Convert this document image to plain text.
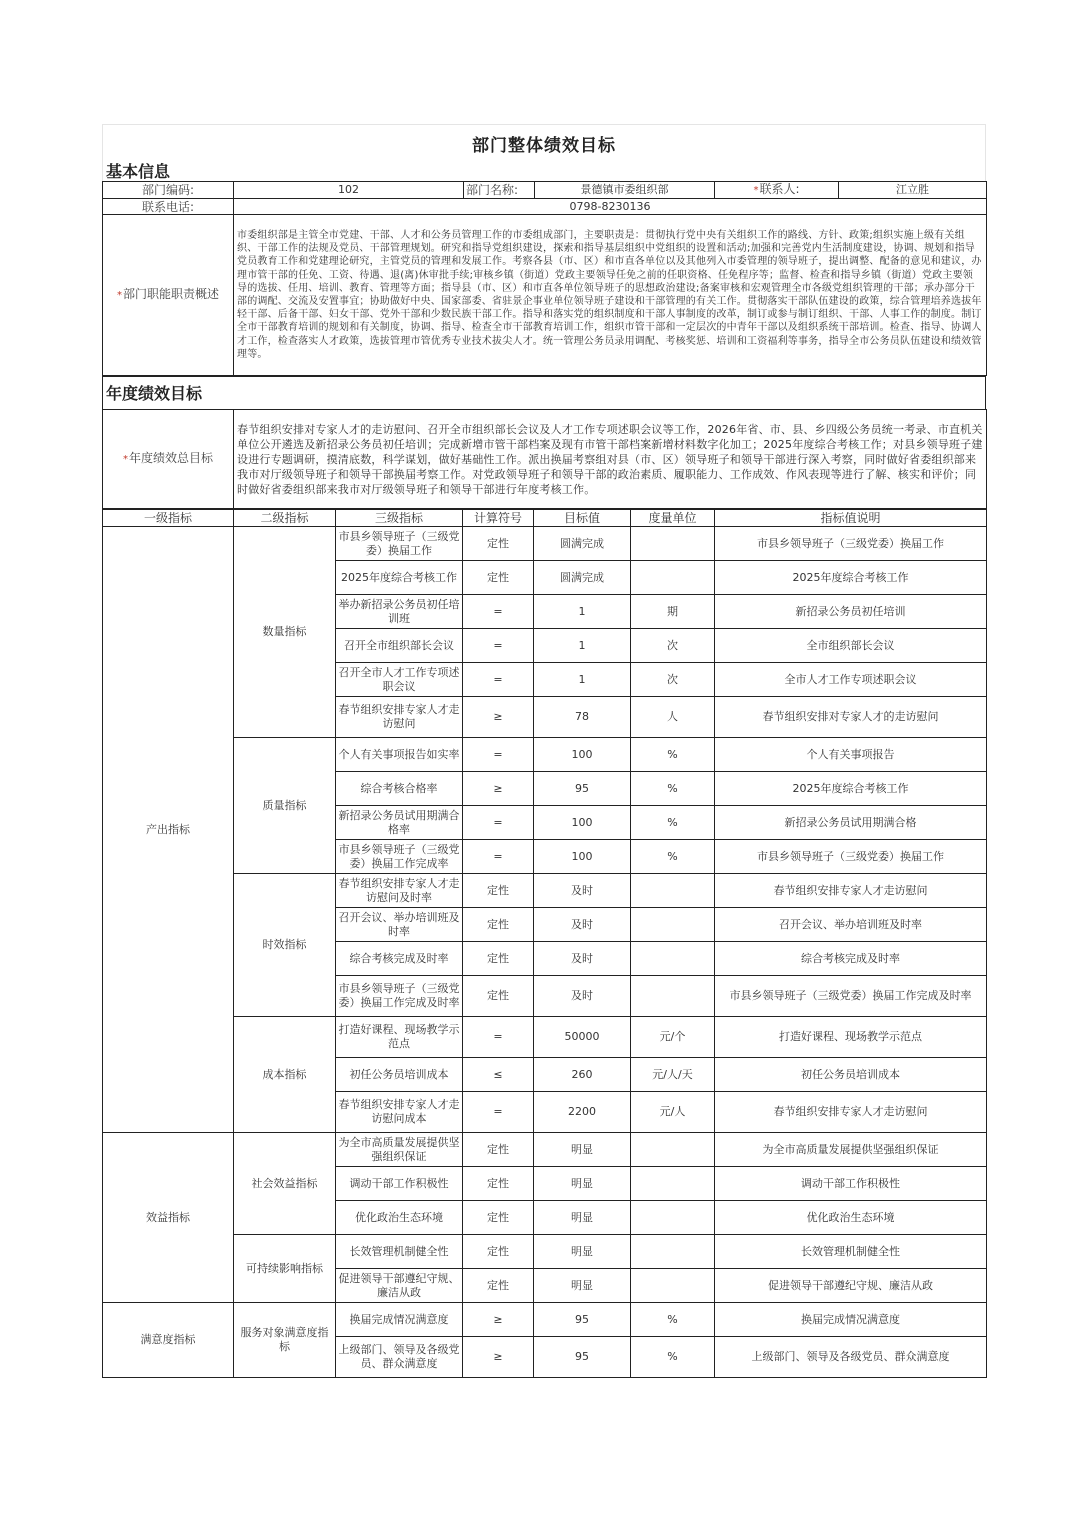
部门整体绩效目标
基本信息
部门编码:	102	部门名称:	景德镇市委组织部	*联系人:	江立胜
联系电话:	0798-8230136				
*部门职能职责概述	市委组织部是主管全市党建、干部、人才和公务员管理工作的市委组成部门，主要职责是：贯彻执行党中央有关组织工作的路线、方针、政策;组织实施上级有关组织、干部工作的法规及党员、干部管理规划。研究和指导党组织建设，探索和指导基层组织中党组织的设置和活动;加强和完善党内生活制度建设，协调、规划和指导党员教育工作和党建理论研究，主管党员的管理和发展工作。考察各县（市、区）和市直各单位以及其他列入市委管理的领导班子，提出调整、配备的意见和建议，办理市管干部的任免、工资、待遇、退(离)休审批手续;审核乡镇（街道）党政主要领导任免之前的任职资格、任免程序等；监督、检查和指导乡镇（街道）党政主要领导的选拔、任用、培训、教育、管理等方面；指导县（市、区）和市直各单位领导班子的思想政治建设;备案审核和宏观管理全市各级党组织管理的干部；承办部分干部的调配、交流及安置事宜；协助做好中央、国家部委、省驻景企事业单位领导班子建设和干部管理的有关工作。贯彻落实干部队伍建设的政策，综合管理培养选拔年轻干部、后备干部、妇女干部、党外干部和少数民族干部工作。指导和落实党的组织制度和干部人事制度的改革，制订或参与制订组织、干部、人事工作的制度。制订全市干部教育培训的规划和有关制度，协调、指导、检查全市干部教育培训工作，组织市管干部和一定层次的中青年干部以及组织系统干部培训。检查、指导、协调人才工作，检查落实人才政策，选拔管理市管优秀专业技术拔尖人才。统一管理公务员录用调配、考核奖惩、培训和工资福利等事务，指导全市公务员队伍建设和绩效管理等。				
年度绩效目标
*年度绩效总目标	春节组织安排对专家人才的走访慰问、召开全市组织部长会议及人才工作专项述职会议等工作，2026年省、市、县、乡四级公务员统一考录、市直机关单位公开遴选及新招录公务员初任培训；完成新增市管干部档案及现有市管干部档案新增材料数字化加工；2025年度综合考核工作；对县乡领导班子建设进行专题调研，摸清底数，科学谋划，做好基础性工作。派出换届考察组对县（市、区）领导班子和领导干部进行深入考察，同时做好省委组织部来我市对厅级领导班子和领导干部换届考察工作。对党政领导班子和领导干部的政治素质、履职能力、工作成效、作风表现等进行了解、核实和评价；同时做好省委组织部来我市对厅级领导班子和领导干部进行年度考核工作。
一级指标	二级指标	三级指标	计算符号	目标值	度量单位	指标值说明
产出指标	数量指标	市县乡领导班子（三级党委）换届工作	定性	圆满完成		市县乡领导班子（三级党委）换届工作
		2025年度综合考核工作	定性	圆满完成		2025年度综合考核工作
		举办新招录公务员初任培训班	=	1	期	新招录公务员初任培训
		召开全市组织部长会议	=	1	次	全市组织部长会议
		召开全市人才工作专项述职会议	=	1	次	全市人才工作专项述职会议
		春节组织安排专家人才走访慰问	≥	78	人	春节组织安排对专家人才的走访慰问
	质量指标	个人有关事项报告如实率	=	100	%	个人有关事项报告
		综合考核合格率	≥	95	%	2025年度综合考核工作
		新招录公务员试用期满合格率	=	100	%	新招录公务员试用期满合格
		市县乡领导班子（三级党委）换届工作完成率	=	100	%	市县乡领导班子（三级党委）换届工作
	时效指标	春节组织安排专家人才走访慰问及时率	定性	及时		春节组织安排专家人才走访慰问
		召开会议、举办培训班及时率	定性	及时		召开会议、举办培训班及时率
		综合考核完成及时率	定性	及时		综合考核完成及时率
		市县乡领导班子（三级党委）换届工作完成及时率	定性	及时		市县乡领导班子（三级党委）换届工作完成及时率
	成本指标	打造好课程、现场教学示范点	=	50000	元/个	打造好课程、现场教学示范点
		初任公务员培训成本	≤	260	元/人/天	初任公务员培训成本
		春节组织安排专家人才走访慰问成本	=	2200	元/人	春节组织安排专家人才走访慰问
效益指标	社会效益指标	为全市高质量发展提供坚强组织保证	定性	明显		为全市高质量发展提供坚强组织保证
		调动干部工作积极性	定性	明显		调动干部工作积极性
		优化政治生态环境	定性	明显		优化政治生态环境
	可持续影响指标	长效管理机制健全性	定性	明显		长效管理机制健全性
		促进领导干部遵纪守规、廉洁从政	定性	明显		促进领导干部遵纪守规、廉洁从政
满意度指标	服务对象满意度指标	换届完成情况满意度	≥	95	%	换届完成情况满意度
		上级部门、领导及各级党员、群众满意度	≥	95	%	上级部门、领导及各级党员、群众满意度
